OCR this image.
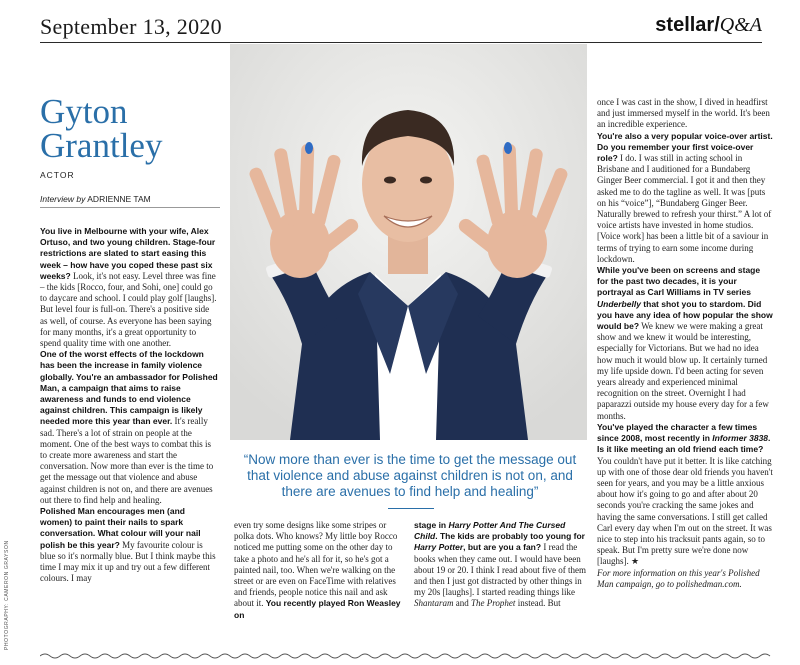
September 13, 2020	stellar/Q&A
Gyton
Grantley
ACTOR
Interview by ADRIENNE TAM

You live in Melbourne with your wife, Alex Ortuso, and two young children. Stage-four restrictions are slated to start easing this week – how have you coped these past six weeks? Look, it's not easy. Level three was fine – the kids [Rocco, four, and Sohi, one] could go to daycare and school. I could play golf [laughs]. But level four is full-on. There's a positive side as well, of course. As everyone has been saying for many months, it's a great opportunity to spend quality time with one another.

One of the worst effects of the lockdown has been the increase in family violence globally. You're an ambassador for Polished Man, a campaign that aims to raise awareness and funds to end violence against children. This campaign is likely needed more this year than ever. It's really sad. There's a lot of strain on people at the moment. One of the best ways to combat this is to create more awareness and start the conversation. Now more than ever is the time to get the message out that violence and abuse against children is not on, and there are avenues out there to find help and healing.

Polished Man encourages men (and women) to paint their nails to spark conversation. What colour will your nail polish be this year? My favourite colour is blue so it's normally blue. But I think maybe this time I may mix it up and try out a few different colours. I may

“Now more than ever is the time to get the message out that violence and abuse against children is not on, and there are avenues to find help and healing”

even try some designs like some stripes or polka dots. Who knows? My little boy Rocco noticed me putting some on the other day to take a photo and he's all for it, so he's got a painted nail, too. When we're walking on the street or are even on FaceTime with relatives and friends, people notice this nail and ask about it. You recently played Ron Weasley on

stage in Harry Potter And The Cursed Child. The kids are probably too young for Harry Potter, but are you a fan? I read the books when they came out. I would have been about 19 or 20. I think I read about five of them and then I just got distracted by other things in my 20s [laughs]. I started reading things like Shantaram and The Prophet instead. But

once I was cast in the show, I dived in headfirst and just immersed myself in the world. It's been an incredible experience.

You're also a very popular voice-over artist. Do you remember your first voice-over role? I do. I was still in acting school in Brisbane and I auditioned for a Bundaberg Ginger Beer commercial. I got it and then they asked me to do the tagline as well. It was [puts on his “voice”], “Bundaberg Ginger Beer. Naturally brewed to refresh your thirst.” A lot of voice artists have invested in home studios. [Voice work] has been a little bit of a saviour in terms of trying to earn some income during lockdown.

While you've been on screens and stage for the past two decades, it is your portrayal as Carl Williams in TV series Underbelly that shot you to stardom. Did you have any idea of how popular the show would be? We knew we were making a great show and we knew it would be interesting, especially for Victorians. But we had no idea how much it would blow up. It certainly turned my life upside down. I'd been acting for seven years already and experienced minimal recognition on the street. Overnight I had paparazzi outside my house every day for a few months.

You've played the character a few times since 2008, most recently in Informer 3838. Is it like meeting an old friend each time? You couldn't have put it better. It is like catching up with one of those dear old friends you haven't seen for years, and you may be a little anxious about how it's going to go and after about 20 seconds you're cracking the same jokes and having the same conversations. I still get called Carl every day when I'm out on the street. It was nice to step into his tracksuit pants again, so to speak. But I'm pretty sure we're done now [laughs]. ★

For more information on this year's Polished Man campaign, go to polishedman.com.

PHOTOGRAPHY: CAMERON GRAYSON
